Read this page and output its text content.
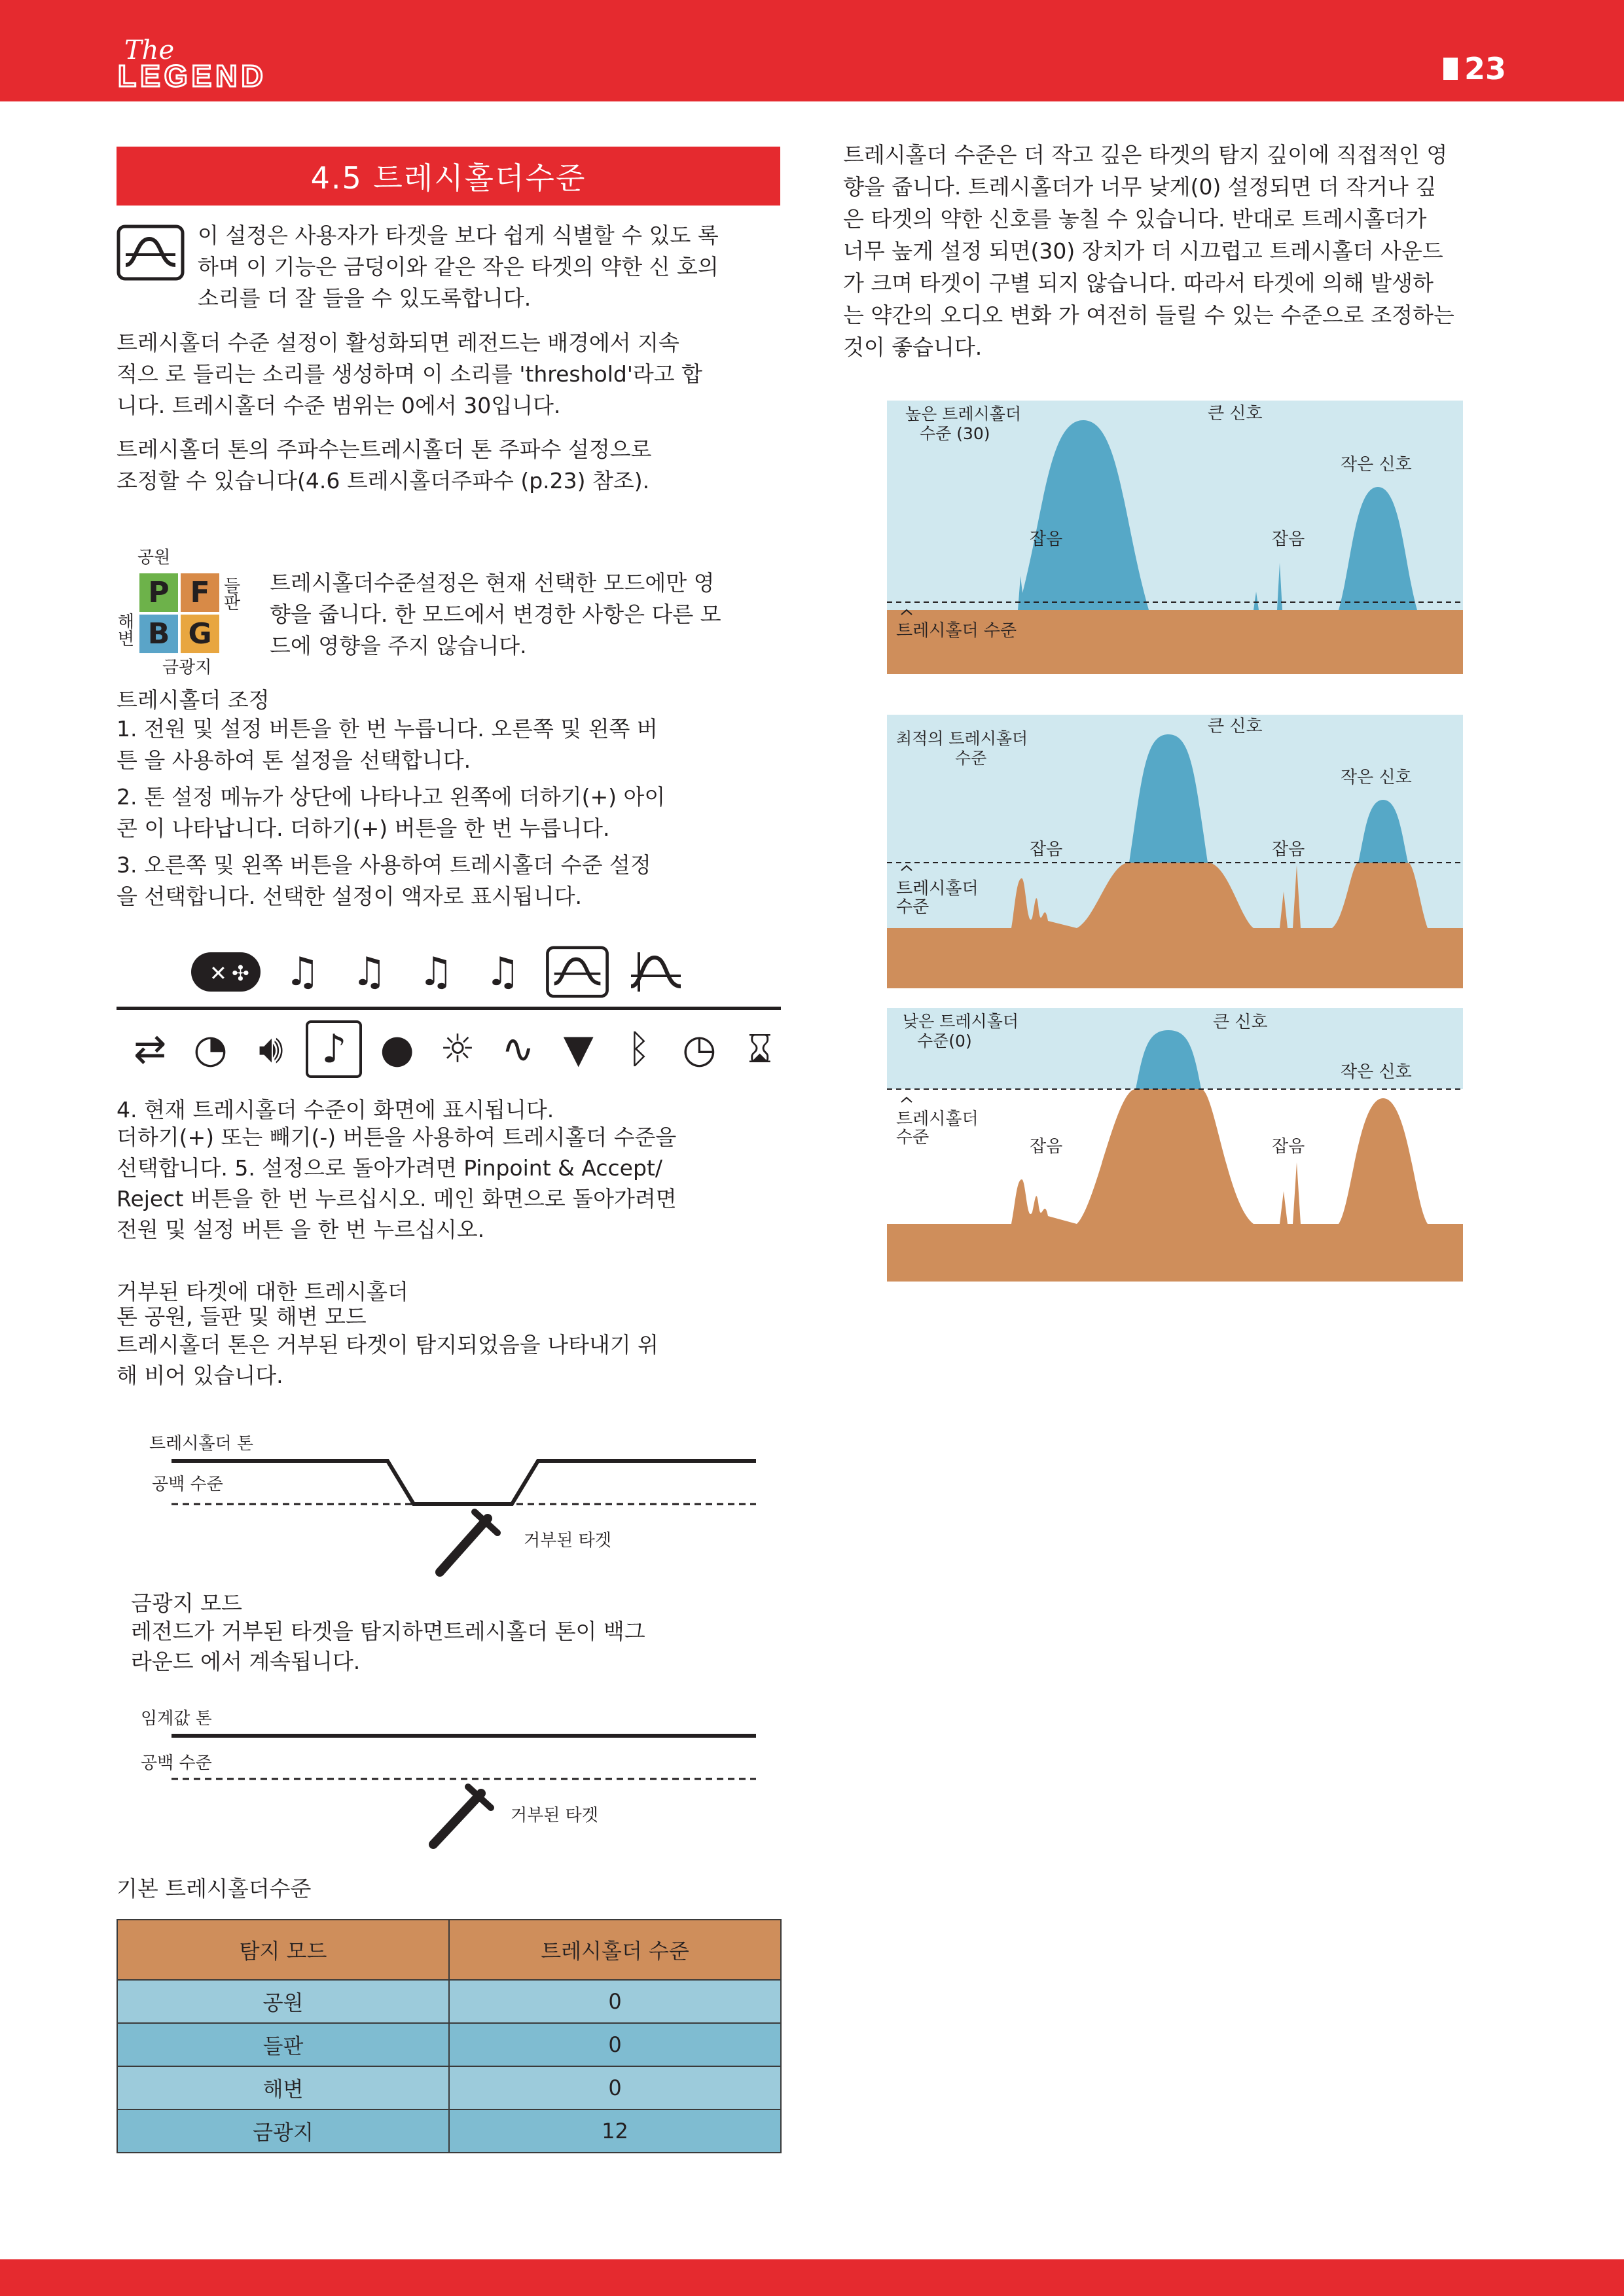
The
LEGEND	23
4.5 트레시홀더수준
이 설정은 사용자가 타겟을 보다 쉽게 식별할 수 있도 록
하며 이 기능은 금덩이와 같은 작은 타겟의 약한 신 호의
소리를 더 잘 들을 수 있도록합니다.
트레시홀더 수준 설정이 활성화되면 레전드는 배경에서 지속
적으 로 들리는 소리를 생성하며 이 소리를 'threshold'라고 합
니다. 트레시홀더 수준 범위는 0에서 30입니다.
트레시홀더 톤의 주파수는트레시홀더 톤 주파수 설정으로
조정할 수 있습니다(4.6 트레시홀더주파수 (p.23) 참조).
공원
들판
해변
금광지
P F
B G
트레시홀더수준설정은 현재 선택한 모드에만 영
향을 줍니다. 한 모드에서 변경한 사항은 다른 모
드에 영향을 주지 않습니다.
트레시홀더 조정
1. 전원 및 설정 버튼을 한 번 누릅니다. 오른쪽 및 왼쪽 버
튼 을 사용하여 톤 설정을 선택합니다.
2. 톤 설정 메뉴가 상단에 나타나고 왼쪽에 더하기(+) 아이
콘 이 나타납니다. 더하기(+) 버튼을 한 번 누릅니다.
3. 오른쪽 및 왼쪽 버튼을 사용하여 트레시홀더 수준 설정
을 선택합니다. 선택한 설정이 액자로 표시됩니다.
✕ ✣ ♫ ♫ ♫ ♫
⇄ ◔ 🔊︎ ♪ ● ☼ ∿ ▼ ᛒ ◷ ⌛︎
4. 현재 트레시홀더 수준이 화면에 표시됩니다.
더하기(+) 또는 빼기(-) 버튼을 사용하여 트레시홀더 수준을
선택합니다. 5. 설정으로 돌아가려면 Pinpoint & Accept/
Reject 버튼을 한 번 누르십시오. 메인 화면으로 돌아가려면
전원 및 설정 버튼 을 한 번 누르십시오.
거부된 타겟에 대한 트레시홀더
톤 공원, 들판 및 해변 모드
트레시홀더 톤은 거부된 타겟이 탐지되었음을 나타내기 위
해 비어 있습니다.
트레시홀더 톤
공백 수준
거부된 타겟
금광지 모드
레전드가 거부된 타겟을 탐지하면트레시홀더 톤이 백그
라운드 에서 계속됩니다.
임계값 톤
공백 수준
거부된 타겟
기본 트레시홀더수준
탐지 모드	트레시홀더 수준
공원	0
들판	0
해변	0
금광지	12
트레시홀더 수준은 더 작고 깊은 타겟의 탐지 깊이에 직접적인 영
향을 줍니다. 트레시홀더가 너무 낮게(0) 설정되면 더 작거나 깊
은 타겟의 약한 신호를 놓칠 수 있습니다. 반대로 트레시홀더가
너무 높게 설정 되면(30) 장치가 더 시끄럽고 트레시홀더 사운드
가 크며 타겟이 구별 되지 않습니다. 따라서 타겟에 의해 발생하
는 약간의 오디오 변화 가 여전히 들릴 수 있는 수준으로 조정하는
것이 좋습니다.
높은 트레시홀더
수준 (30)
큰 신호
작은 신호
잡음	잡음
트레시홀더 수준
최적의 트레시홀더
수준
큰 신호
작은 신호
잡음	잡음
트레시홀더 수준
낮은 트레시홀더
수준(0)
큰 신호
작은 신호
잡음	잡음
트레시홀더 수준
